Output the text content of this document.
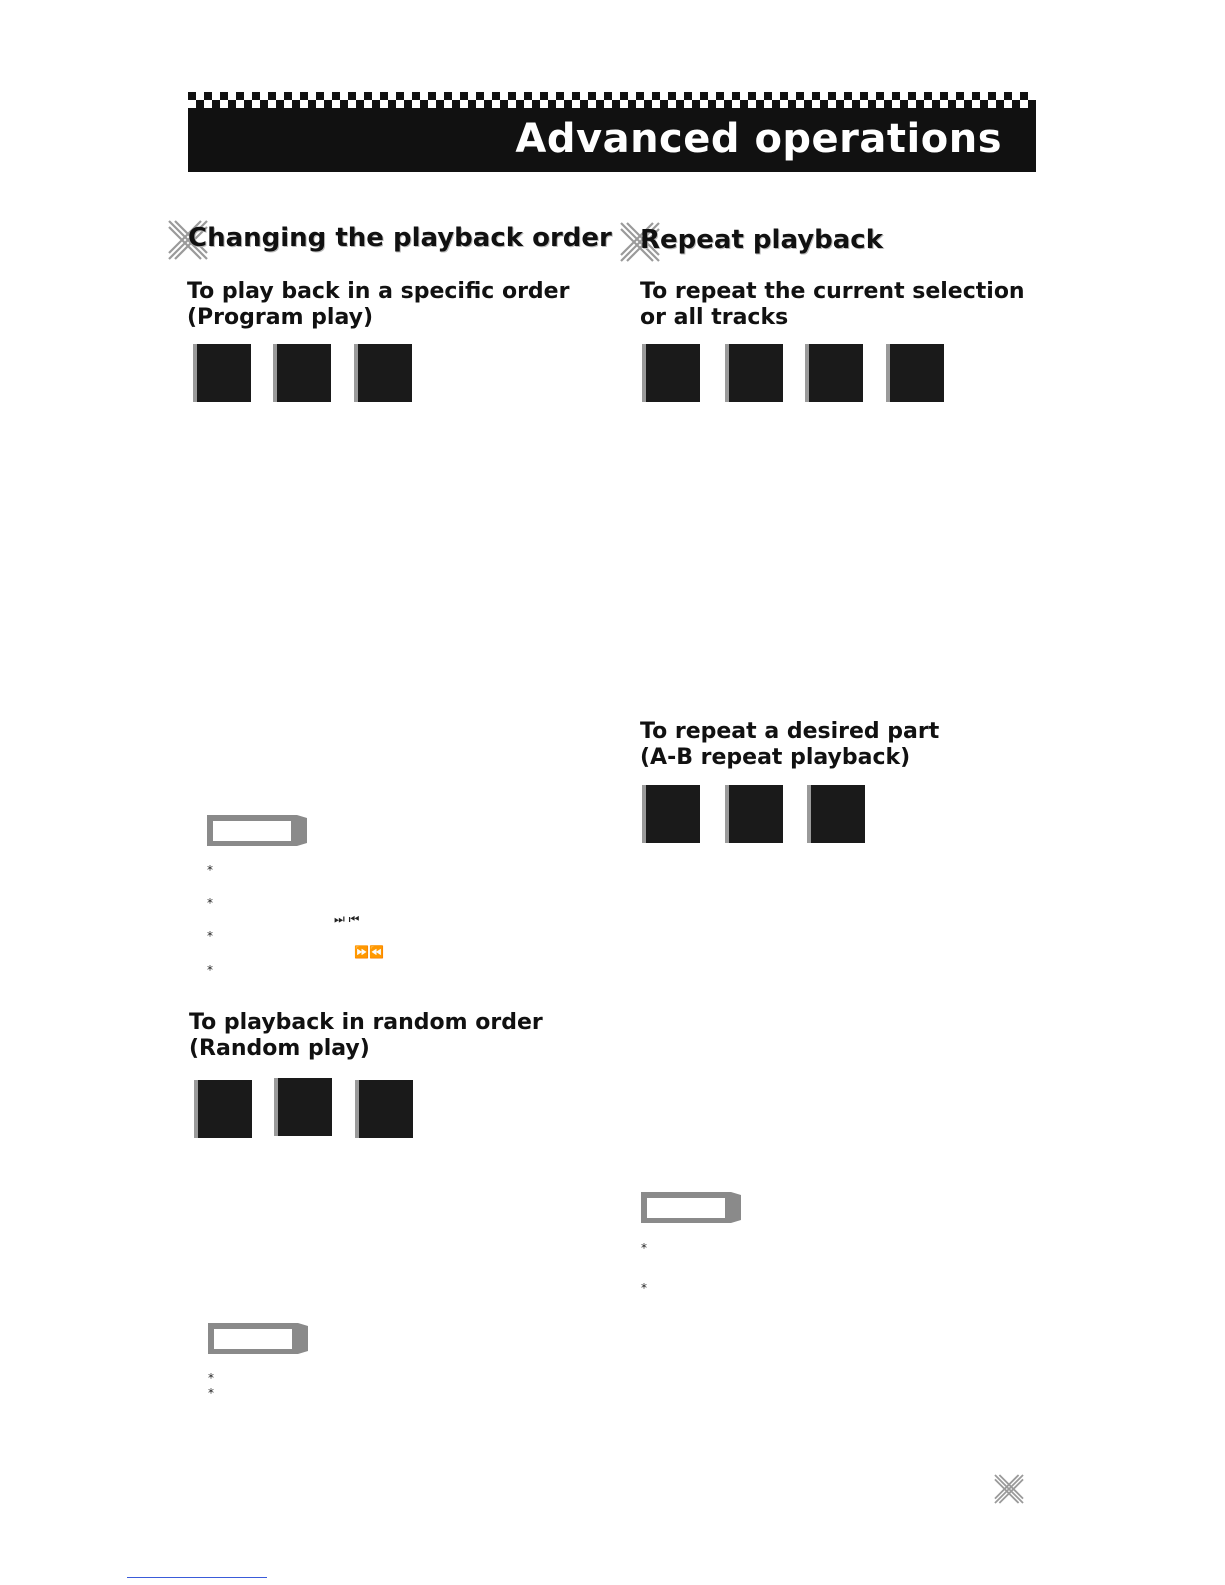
Advanced operations
Changing the playback order
To play back in a specific order
(Program play)
*
*
*
*
⏭ ⏮
⏩⏪
To playback in random order
(Random play)
*
*
Repeat playback
To repeat the current selection
or all tracks
To repeat a desired part
(A-B repeat playback)
*
*
